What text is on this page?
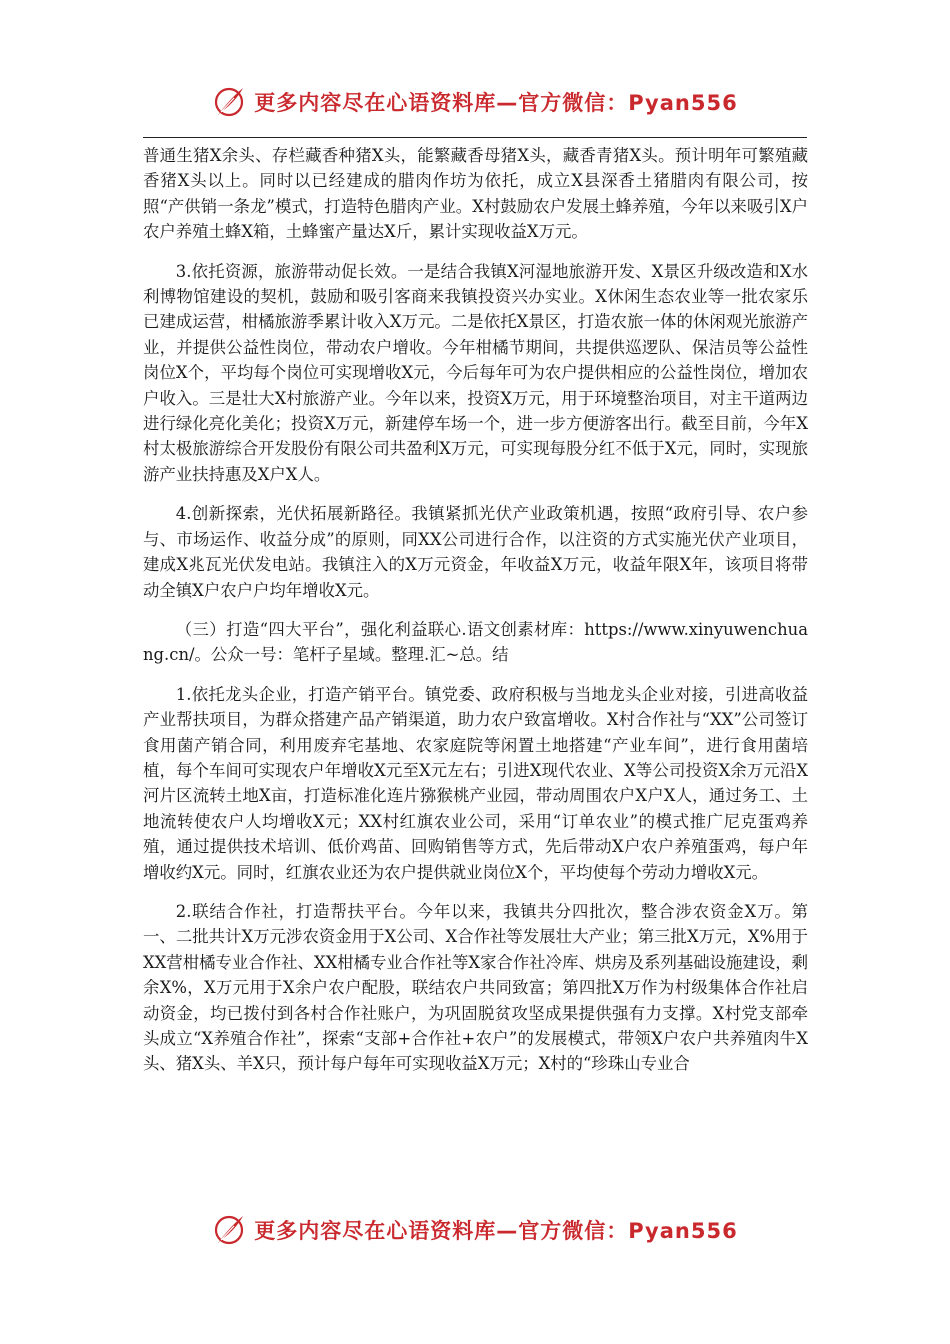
更多内容尽在心语资料库—官方微信：Pyan556

普通生猪X余头、存栏藏香种猪X头，能繁藏香母猪X头，藏香青猪X头。预计明年可繁殖藏香猪X头以上。同时以已经建成的腊肉作坊为依托，成立X县深香土猪腊肉有限公司，按照“产供销一条龙”模式，打造特色腊肉产业。X村鼓励农户发展土蜂养殖，今年以来吸引X户农户养殖土蜂X箱，土蜂蜜产量达X斤，累计实现收益X万元。

3.依托资源，旅游带动促长效。一是结合我镇X河湿地旅游开发、X景区升级改造和X水利博物馆建设的契机，鼓励和吸引客商来我镇投资兴办实业。X休闲生态农业等一批农家乐已建成运营，柑橘旅游季累计收入X万元。二是依托X景区，打造农旅一体的休闲观光旅游产业，并提供公益性岗位，带动农户增收。今年柑橘节期间，共提供巡逻队、保洁员等公益性岗位X个，平均每个岗位可实现增收X元，今后每年可为农户提供相应的公益性岗位，增加农户收入。三是壮大X村旅游产业。今年以来，投资X万元，用于环境整治项目，对主干道两边进行绿化亮化美化；投资X万元，新建停车场一个，进一步方便游客出行。截至目前，今年X村太极旅游综合开发股份有限公司共盈利X万元，可实现每股分红不低于X元，同时，实现旅游产业扶持惠及X户X人。

4.创新探索，光伏拓展新路径。我镇紧抓光伏产业政策机遇，按照“政府引导、农户参与、市场运作、收益分成”的原则，同XX公司进行合作，以注资的方式实施光伏产业项目，建成X兆瓦光伏发电站。我镇注入的X万元资金，年收益X万元，收益年限X年，该项目将带动全镇X户农户户均年增收X元。

（三）打造“四大平台”，强化利益联心.语文创素材库：https://www.xinyuwenchuang.cn/。公众一号：笔杆子星域。整理.汇~总。结

1.依托龙头企业，打造产销平台。镇党委、政府积极与当地龙头企业对接，引进高收益产业帮扶项目，为群众搭建产品产销渠道，助力农户致富增收。X村合作社与“XX”公司签订食用菌产销合同，利用废弃宅基地、农家庭院等闲置土地搭建“产业车间”，进行食用菌培植，每个车间可实现农户年增收X元至X元左右；引进X现代农业、X等公司投资X余万元沿X河片区流转土地X亩，打造标准化连片猕猴桃产业园，带动周围农户X户X人，通过务工、土地流转使农户人均增收X元；XX村红旗农业公司，采用“订单农业”的模式推广尼克蛋鸡养殖，通过提供技术培训、低价鸡苗、回购销售等方式，先后带动X户农户养殖蛋鸡，每户年增收约X元。同时，红旗农业还为农户提供就业岗位X个，平均使每个劳动力增收X元。

2.联结合作社，打造帮扶平台。今年以来，我镇共分四批次，整合涉农资金X万。第一、二批共计X万元涉农资金用于X公司、X合作社等发展壮大产业；第三批X万元，X%用于XX营柑橘专业合作社、XX柑橘专业合作社等X家合作社冷库、烘房及系列基础设施建设，剩余X%，X万元用于X余户农户配股，联结农户共同致富；第四批X万作为村级集体合作社启动资金，均已拨付到各村合作社账户，为巩固脱贫攻坚成果提供强有力支撑。X村党支部牵头成立“X养殖合作社”，探索“支部+合作社+农户”的发展模式，带领X户农户共养殖肉牛X头、猪X头、羊X只，预计每户每年可实现收益X万元；X村的“珍珠山专业合

更多内容尽在心语资料库—官方微信：Pyan556
